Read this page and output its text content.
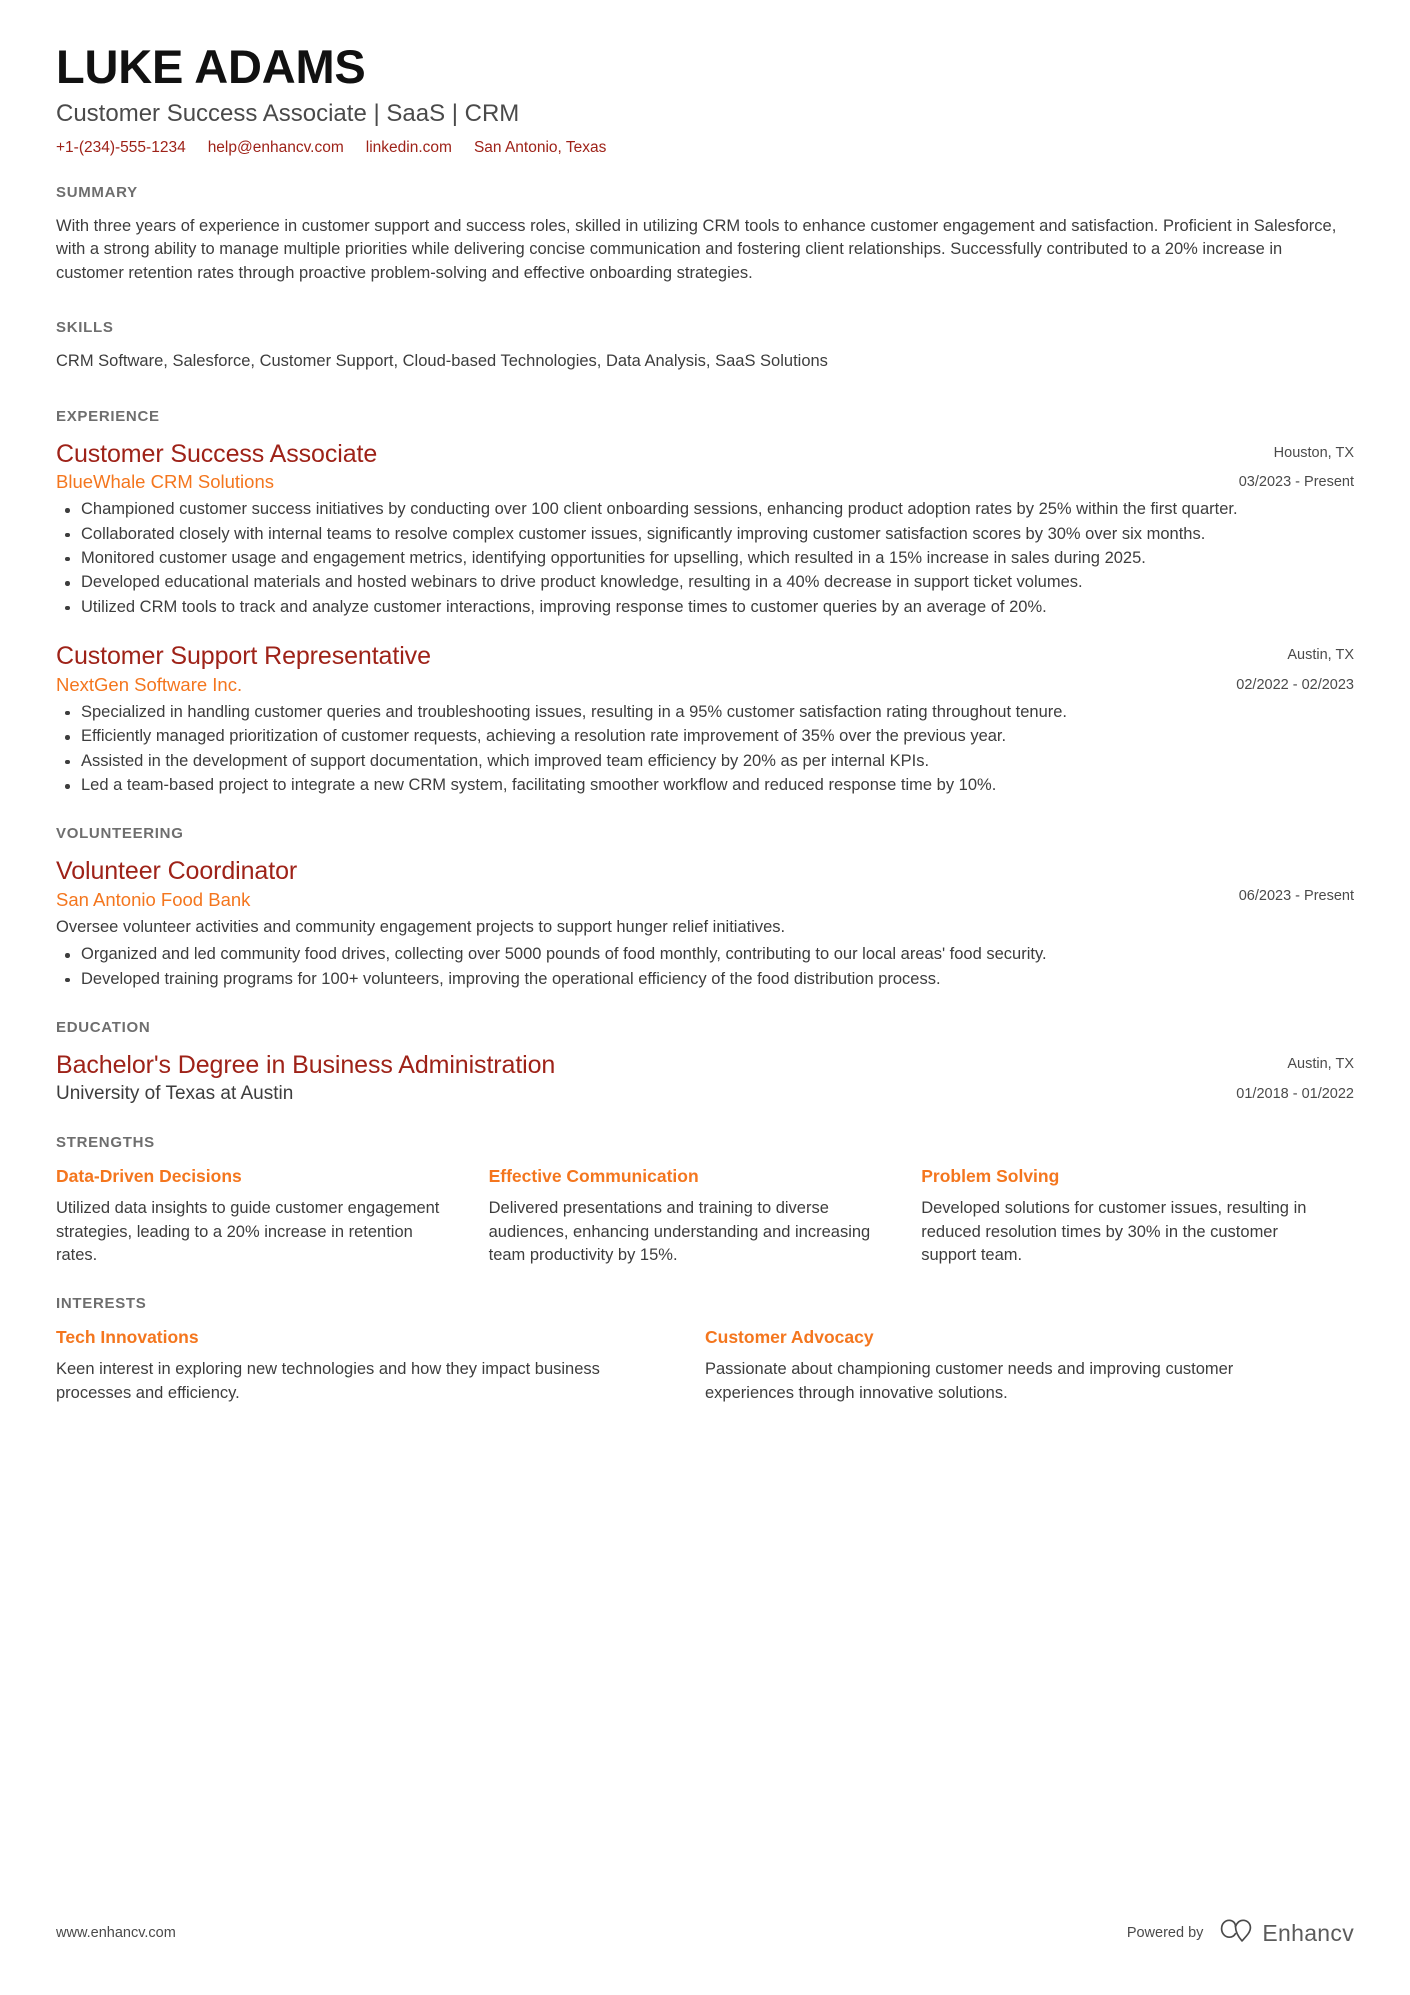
LUKE ADAMS
Customer Success Associate | SaaS | CRM
+1-(234)-555-1234 help@enhancv.com linkedin.com San Antonio, Texas
SUMMARY
With three years of experience in customer support and success roles, skilled in utilizing CRM tools to enhance customer engagement and satisfaction. Proficient in Salesforce, with a strong ability to manage multiple priorities while delivering concise communication and fostering client relationships. Successfully contributed to a 20% increase in customer retention rates through proactive problem-solving and effective onboarding strategies.
SKILLS
CRM Software, Salesforce, Customer Support, Cloud-based Technologies, Data Analysis, SaaS Solutions
EXPERIENCE
Customer Success Associate
BlueWhale CRM Solutions
Houston, TX
03/2023 - Present
Championed customer success initiatives by conducting over 100 client onboarding sessions, enhancing product adoption rates by 25% within the first quarter.
Collaborated closely with internal teams to resolve complex customer issues, significantly improving customer satisfaction scores by 30% over six months.
Monitored customer usage and engagement metrics, identifying opportunities for upselling, which resulted in a 15% increase in sales during 2025.
Developed educational materials and hosted webinars to drive product knowledge, resulting in a 40% decrease in support ticket volumes.
Utilized CRM tools to track and analyze customer interactions, improving response times to customer queries by an average of 20%.
Customer Support Representative
NextGen Software Inc.
Austin, TX
02/2022 - 02/2023
Specialized in handling customer queries and troubleshooting issues, resulting in a 95% customer satisfaction rating throughout tenure.
Efficiently managed prioritization of customer requests, achieving a resolution rate improvement of 35% over the previous year.
Assisted in the development of support documentation, which improved team efficiency by 20% as per internal KPIs.
Led a team-based project to integrate a new CRM system, facilitating smoother workflow and reduced response time by 10%.
VOLUNTEERING
Volunteer Coordinator
San Antonio Food Bank	06/2023 - Present
Oversee volunteer activities and community engagement projects to support hunger relief initiatives.
Organized and led community food drives, collecting over 5000 pounds of food monthly, contributing to our local areas' food security.
Developed training programs for 100+ volunteers, improving the operational efficiency of the food distribution process.
EDUCATION
Bachelor's Degree in Business Administration
University of Texas at Austin
Austin, TX
01/2018 - 01/2022
STRENGTHS
Data-Driven Decisions
Utilized data insights to guide customer engagement strategies, leading to a 20% increase in retention rates.
Effective Communication
Delivered presentations and training to diverse audiences, enhancing understanding and increasing team productivity by 15%.
Problem Solving
Developed solutions for customer issues, resulting in reduced resolution times by 30% in the customer support team.
INTERESTS
Tech Innovations
Keen interest in exploring new technologies and how they impact business processes and efficiency.
Customer Advocacy
Passionate about championing customer needs and improving customer experiences through innovative solutions.
www.enhancv.com	Powered by	Enhancv
